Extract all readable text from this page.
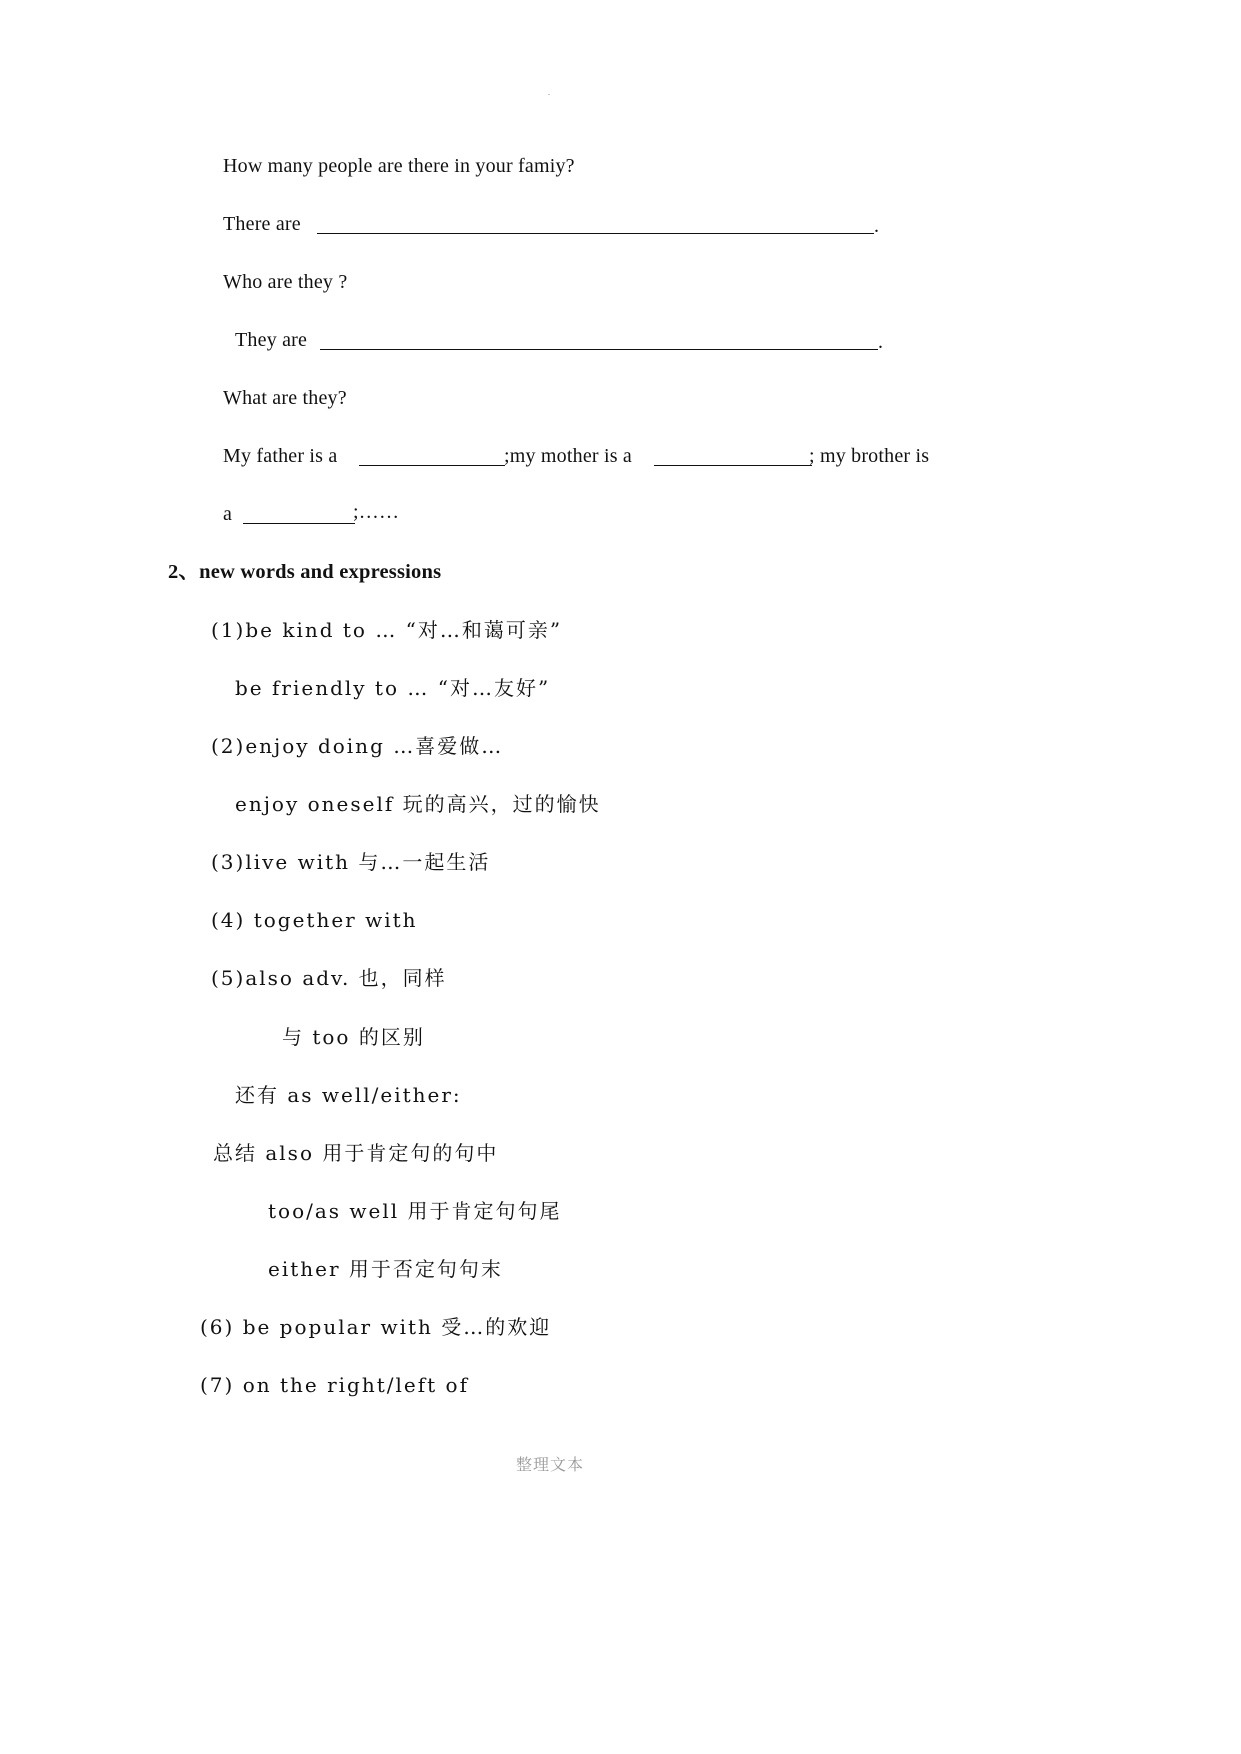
.
How many people are there in your famiy?
There are	.
Who are they ?
They are	.
What are they?
My father is a	;my mother is a	; my brother is
a	;……
2、new words and expressions
(1)be kind to … “对…和蔼可亲”
be friendly to … “对…友好”
(2)enjoy doing …喜爱做…
enjoy oneself 玩的高兴，过的愉快
(3)live with 与…一起生活
(4) together with
(5)also adv. 也，同样
与 too 的区别
还有 as well/either:
总结 also 用于肯定句的句中
too/as well 用于肯定句句尾
either 用于否定句句末
(6) be popular with 受…的欢迎
(7) on the right/left of
整理文本
